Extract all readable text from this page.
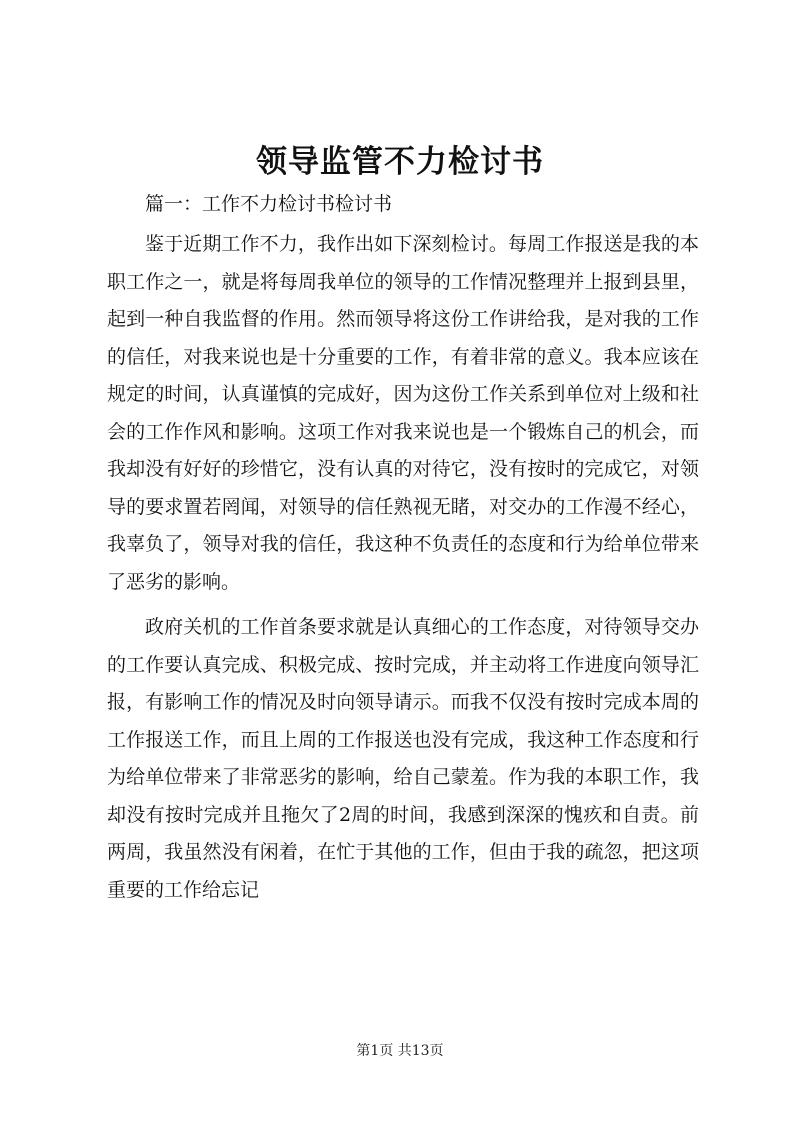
领导监管不力检讨书

篇一：工作不力检讨书检讨书

鉴于近期工作不力，我作出如下深刻检讨。每周工作报送是我的本职工作之一，就是将每周我单位的领导的工作情况整理并上报到县里，起到一种自我监督的作用。然而领导将这份工作讲给我，是对我的工作的信任，对我来说也是十分重要的工作，有着非常的意义。我本应该在规定的时间，认真谨慎的完成好，因为这份工作关系到单位对上级和社会的工作作风和影响。这项工作对我来说也是一个锻炼自己的机会，而我却没有好好的珍惜它，没有认真的对待它，没有按时的完成它，对领导的要求置若罔闻，对领导的信任熟视无睹，对交办的工作漫不经心，我辜负了，领导对我的信任，我这种不负责任的态度和行为给单位带来了恶劣的影响。

政府关机的工作首条要求就是认真细心的工作态度，对待领导交办的工作要认真完成、积极完成、按时完成，并主动将工作进度向领导汇报，有影响工作的情况及时向领导请示。而我不仅没有按时完成本周的工作报送工作，而且上周的工作报送也没有完成，我这种工作态度和行为给单位带来了非常恶劣的影响，给自己蒙羞。作为我的本职工作，我却没有按时完成并且拖欠了2周的时间，我感到深深的愧疚和自责。前两周，我虽然没有闲着，在忙于其他的工作，但由于我的疏忽，把这项重要的工作给忘记

第1页 共13页
